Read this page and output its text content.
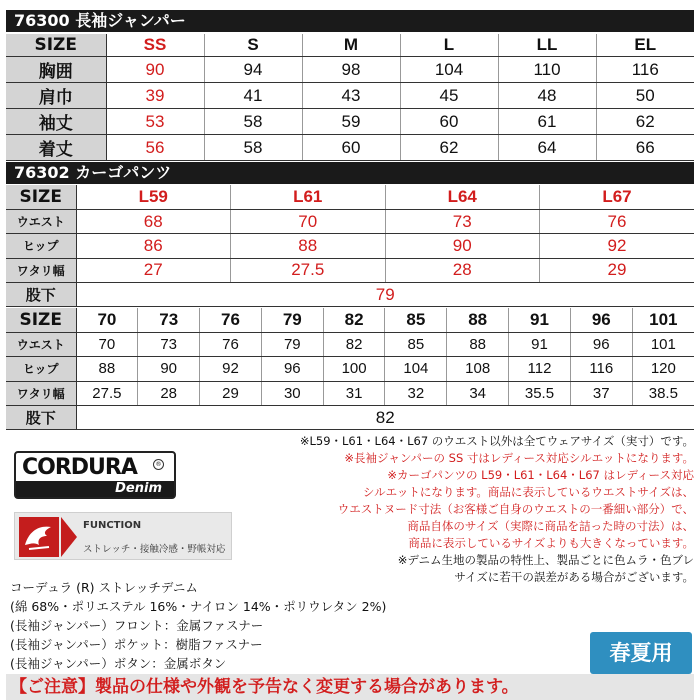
76300 長袖ジャンパー
SIZE	SS	S	M	L	LL	EL
胸囲	90	94	98	104	110	116
肩巾	39	41	43	45	48	50
袖丈	53	58	59	60	61	62
着丈	56	58	60	62	64	66
76302 カーゴパンツ
SIZE	L59	L61	L64	L67
ウエスト	68	70	73	76
ヒップ	86	88	90	92
ワタリ幅	27	27.5	28	29
股下	79			
SIZE	70	73	76	79	82	85	88	91	96	101
ウエスト	70	73	76	79	82	85	88	91	96	101
ヒップ	88	90	92	96	100	104	108	112	116	120
ワタリ幅	27.5	28	29	30	31	32	34	35.5	37	38.5
股下	82									
※L59・L61・L64・L67 のウエスト以外は全てウェアサイズ（実寸）です。
※長袖ジャンパーの SS 寸はレディース対応シルエットになります。
※カーゴパンツの L59・L61・L64・L67 はレディース対応
シルエットになります。商品に表示しているウエストサイズは、
ウエストヌード寸法（お客様ご自身のウエストの一番細い部分）で、
商品自体のサイズ（実際に商品を詰った時の寸法）は、
商品に表示しているサイズよりも大きくなっています。
※デニム生地の製品の特性上、製品ごとに色ムラ・色ブレ
サイズに若干の誤差がある場合がございます。
CORDURA	®
Denim
FUNCTION
ストレッチ・接触冷感・野帳対応
コーデュラ (R) ストレッチデニム
(綿 68%・ポリエステル 16%・ナイロン 14%・ポリウレタン 2%)
(長袖ジャンパー）フロント：金属ファスナー
(長袖ジャンパー）ポケット：樹脂ファスナー
(長袖ジャンパー）ボタン：金属ボタン	春夏用
【ご注意】製品の仕様や外観を予告なく変更する場合があります。
